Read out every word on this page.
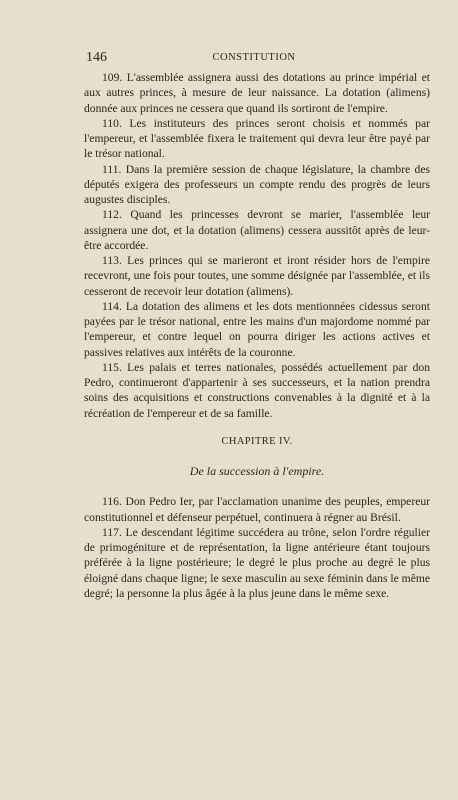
146	CONSTITUTION

109. L'assemblée assignera aussi des dotations au prince impérial et aux autres princes, à mesure de leur naissance. La dotation (alimens) donnée aux princes ne cessera que quand ils sortiront de l'empire.

110. Les instituteurs des princes seront choisis et nommés par l'empereur, et l'assemblée fixera le traitement qui devra leur être payé par le trésor national.

111. Dans la première session de chaque législature, la chambre des députés exigera des professeurs un compte rendu des progrès de leurs augustes disciples.

112. Quand les princesses devront se marier, l'assemblée leur assignera une dot, et la dotation (alimens) cessera aussitôt après de leur-être accordée.

113. Les princes qui se marieront et iront résider hors de l'empire recevront, une fois pour toutes, une somme désignée par l'assemblée, et ils cesseront de recevoir leur dotation (alimens).

114. La dotation des alimens et les dots mentionnées cidessus seront payées par le trésor national, entre les mains d'un majordome nommé par l'empereur, et contre lequel on pourra diriger les actions actives et passives relatives aux intérêts de la couronne.

115. Les palais et terres nationales, possédés actuellement par don Pedro, continueront d'appartenir à ses successeurs, et la nation prendra soins des acquisitions et constructions convenables à la dignité et à la récréation de l'empereur et de sa famille.

CHAPITRE IV.
De la succession à l'empire.

116. Don Pedro Ier, par l'acclamation unanime des peuples, empereur constitutionnel et défenseur perpétuel, continuera à régner au Brésil.

117. Le descendant légitime succédera au trône, selon l'ordre régulier de primogéniture et de représentation, la ligne antérieure étant toujours préférée à la ligne postérieure; le degré le plus proche au degré le plus éloigné dans chaque ligne; le sexe masculin au sexe féminin dans le même degré; la personne la plus âgée à la plus jeune dans le même sexe.
